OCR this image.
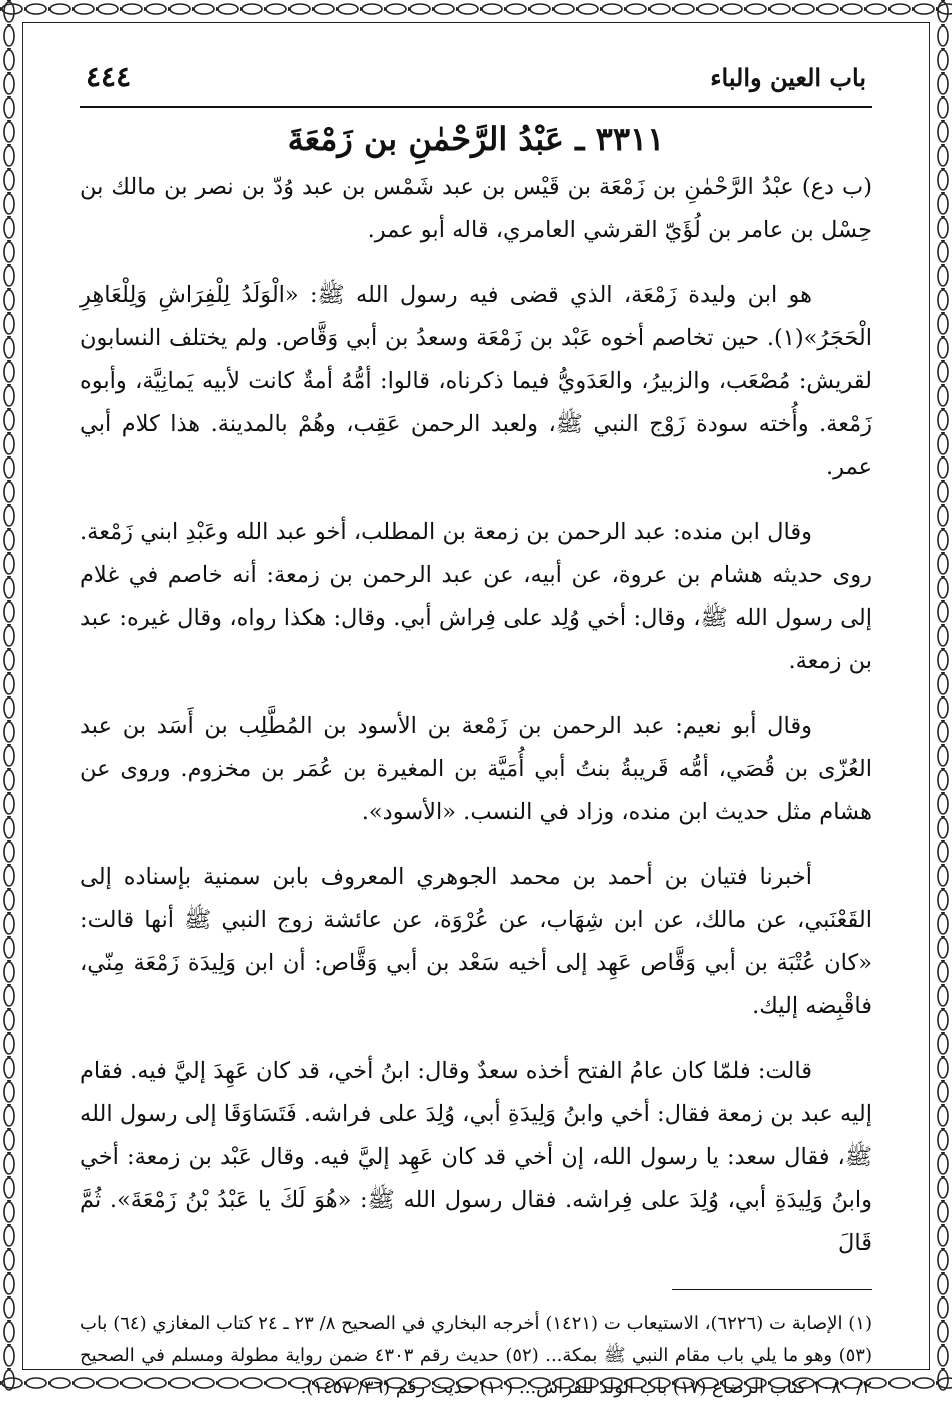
باب العين والباء
٤٤٤
٣٣١١ ـ عَبْدُ الرَّحْمٰنِ بن زَمْعَةَ

(ب دع) عبْدُ الرَّحْمٰنِ بن زَمْعَة بن قَيْس بن عبد شَمْس بن عبد وُدّ بن نصر بن مالك بن حِسْل بن عامر بن لُؤَيّ القرشي العامري، قاله أبو عمر.

هو ابن وليدة زَمْعَة، الذي قضى فيه رسول الله ﷺ: «الْوَلَدُ لِلْفِرَاشِ وَلِلْعَاهِرِ الْحَجَرُ»(١). حين تخاصم أخوه عَبْد بن زَمْعَة وسعدُ بن أبي وَقَّاص. ولم يختلف النسابون لقريش: مُصْعَب، والزبيرُ، والعَدَويُّ فيما ذكرناه، قالوا: أمُّهُ أمةٌ كانت لأبيه يَمانِيَّة، وأبوه زَمْعة. وأُخته سودة زَوْج النبي ﷺ، ولعبد الرحمن عَقِب، وهُمْ بالمدينة. هذا كلام أبي عمر.

وقال ابن منده: عبد الرحمن بن زمعة بن المطلب، أخو عبد الله وعَبْدِ ابني زَمْعة. روى حديثه هشام بن عروة، عن أبيه، عن عبد الرحمن بن زمعة: أنه خاصم في غلام إلى رسول الله ﷺ، وقال: أخي وُلِد على فِراش أبي. وقال: هكذا رواه، وقال غيره: عبد بن زمعة.

وقال أبو نعيم: عبد الرحمن بن زَمْعة بن الأسود بن المُطَّلِب بن أَسَد بن عبد العُزّى بن قُصَي، أمُّه قَريبةُ بنتُ أبي أُمَيَّة بن المغيرة بن عُمَر بن مخزوم. وروى عن هشام مثل حديث ابن منده، وزاد في النسب. «الأسود».

أخبرنا فتيان بن أحمد بن محمد الجوهري المعروف بابن سمنية بإسناده إلى القَعْنَبي، عن مالك، عن ابن شِهَاب، عن عُرْوَة، عن عائشة زوج النبي ﷺ أنها قالت: «كان عُتْبَة بن أبي وَقَّاص عَهِد إلى أخيه سَعْد بن أبي وَقَّاص: أن ابن وَلِيدَة زَمْعَة مِنّي، فاقْبِضه إليك.

قالت: فلمّا كان عامُ الفتح أخذه سعدٌ وقال: ابنُ أخي، قد كان عَهِدَ إليَّ فيه. فقام إليه عبد بن زمعة فقال: أخي وابنُ وَلِيدَةِ أبي، وُلِدَ على فراشه. فَتَسَاوَقَا إلى رسول الله ﷺ، فقال سعد: يا رسول الله، إن أخي قد كان عَهِد إليَّ فيه. وقال عَبْد بن زمعة: أخي وابنُ وَلِيدَةِ أبي، وُلِدَ على فِراشه. فقال رسول الله ﷺ: «هُوَ لَكَ يا عَبْدُ بْنُ زَمْعَةَ». ثُمَّ قَالَ

(١) الإصابة ت (٦٢٢٦)، الاستيعاب ت (١٤٢١) أخرجه البخاري في الصحيح ٨/ ٢٣ ـ ٢٤ كتاب المغازي (٦٤) باب (٥٣) وهو ما يلي باب مقام النبي ﷺ بمكة... (٥٢) حديث رقم ٤٣٠٣ ضمن رواية مطولة ومسلم في الصحيح ٢/ ١٠٨٠ كتاب الرضاع (١٧) باب الولد للفراش... (١٠) حديث رقم (٣٦/ ١٤٥٧).
